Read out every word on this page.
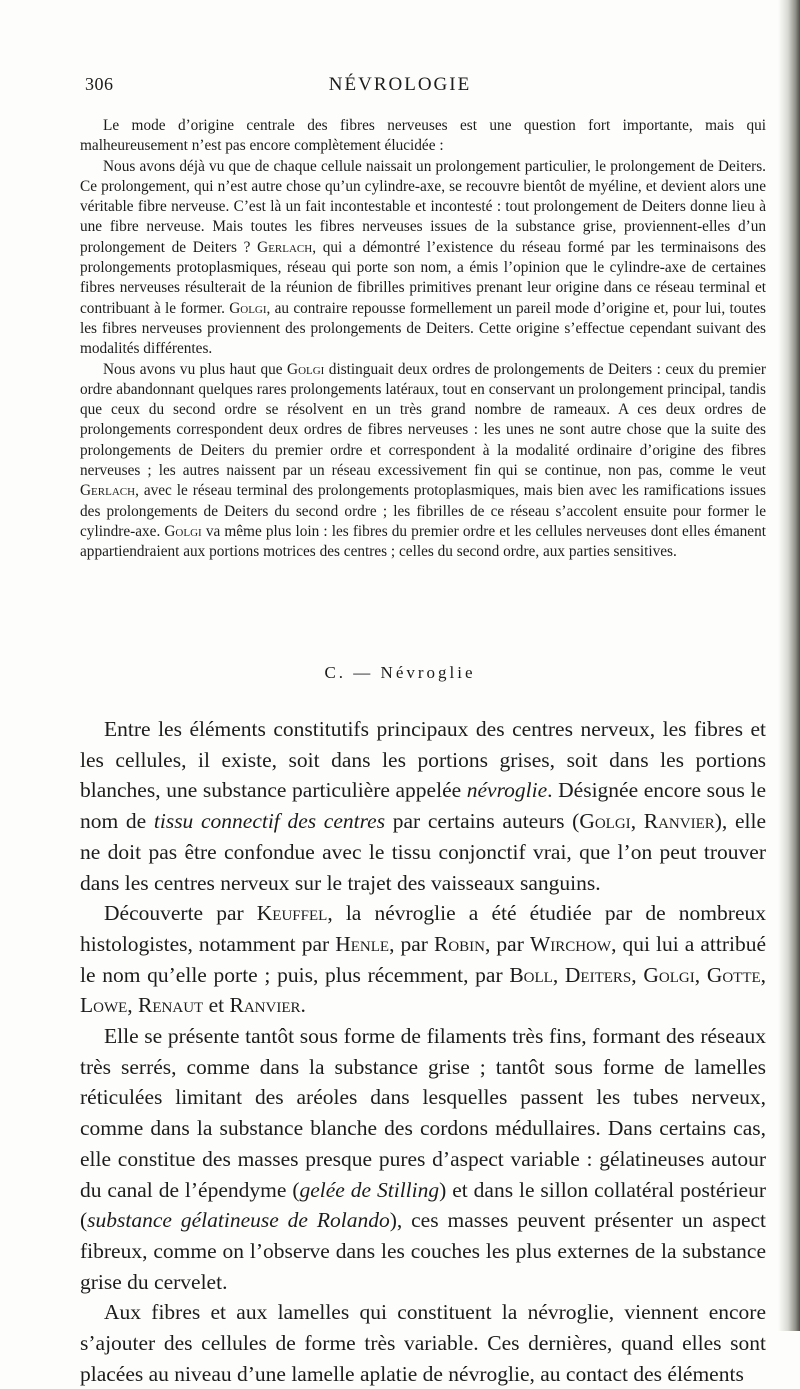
306	NÉVROLOGIE

Le mode d’origine centrale des fibres nerveuses est une question fort importante, mais qui malheureusement n’est pas encore complètement élucidée :

Nous avons déjà vu que de chaque cellule naissait un prolongement particulier, le prolongement de Deiters. Ce prolongement, qui n’est autre chose qu’un cylindre-axe, se recouvre bientôt de myéline, et devient alors une véritable fibre nerveuse. C’est là un fait incontestable et incontesté : tout prolongement de Deiters donne lieu à une fibre nerveuse. Mais toutes les fibres nerveuses issues de la substance grise, proviennent-elles d’un prolongement de Deiters ? Gerlach, qui a démontré l’existence du réseau formé par les terminaisons des prolongements protoplasmiques, réseau qui porte son nom, a émis l’opinion que le cylindre-axe de certaines fibres nerveuses résulterait de la réunion de fibrilles primitives prenant leur origine dans ce réseau terminal et contribuant à le former. Golgi, au contraire repousse formellement un pareil mode d’origine et, pour lui, toutes les fibres nerveuses proviennent des prolongements de Deiters. Cette origine s’effectue cependant suivant des modalités différentes.

Nous avons vu plus haut que Golgi distinguait deux ordres de prolongements de Deiters : ceux du premier ordre abandonnant quelques rares prolongements latéraux, tout en conservant un prolongement principal, tandis que ceux du second ordre se résolvent en un très grand nombre de rameaux. A ces deux ordres de prolongements correspondent deux ordres de fibres nerveuses : les unes ne sont autre chose que la suite des prolongements de Deiters du premier ordre et correspondent à la modalité ordinaire d’origine des fibres nerveuses ; les autres naissent par un réseau excessivement fin qui se continue, non pas, comme le veut Gerlach, avec le réseau terminal des prolongements protoplasmiques, mais bien avec les ramifications issues des prolongements de Deiters du second ordre ; les fibrilles de ce réseau s’accolent ensuite pour former le cylindre-axe. Golgi va même plus loin : les fibres du premier ordre et les cellules nerveuses dont elles émanent appartiendraient aux portions motrices des centres ; celles du second ordre, aux parties sensitives.

C. — Névroglie

Entre les éléments constitutifs principaux des centres nerveux, les fibres et les cellules, il existe, soit dans les portions grises, soit dans les portions blanches, une substance particulière appelée névroglie. Désignée encore sous le nom de tissu connectif des centres par certains auteurs (Golgi, Ranvier), elle ne doit pas être confondue avec le tissu conjonctif vrai, que l’on peut trouver dans les centres nerveux sur le trajet des vaisseaux sanguins.

Découverte par Keuffel, la névroglie a été étudiée par de nombreux histologistes, notamment par Henle, par Robin, par Wirchow, qui lui a attribué le nom qu’elle porte ; puis, plus récemment, par Boll, Deiters, Golgi, Gotte, Lowe, Renaut et Ranvier.

Elle se présente tantôt sous forme de filaments très fins, formant des réseaux très serrés, comme dans la substance grise ; tantôt sous forme de lamelles réticulées limitant des aréoles dans lesquelles passent les tubes nerveux, comme dans la substance blanche des cordons médullaires. Dans certains cas, elle constitue des masses presque pures d’aspect variable : gélatineuses autour du canal de l’épendyme (gelée de Stilling) et dans le sillon collatéral postérieur (substance gélatineuse de Rolando), ces masses peuvent présenter un aspect fibreux, comme on l’observe dans les couches les plus externes de la substance grise du cervelet.

Aux fibres et aux lamelles qui constituent la névroglie, viennent encore s’ajouter des cellules de forme très variable. Ces dernières, quand elles sont placées au niveau d’une lamelle aplatie de névroglie, au contact des éléments
